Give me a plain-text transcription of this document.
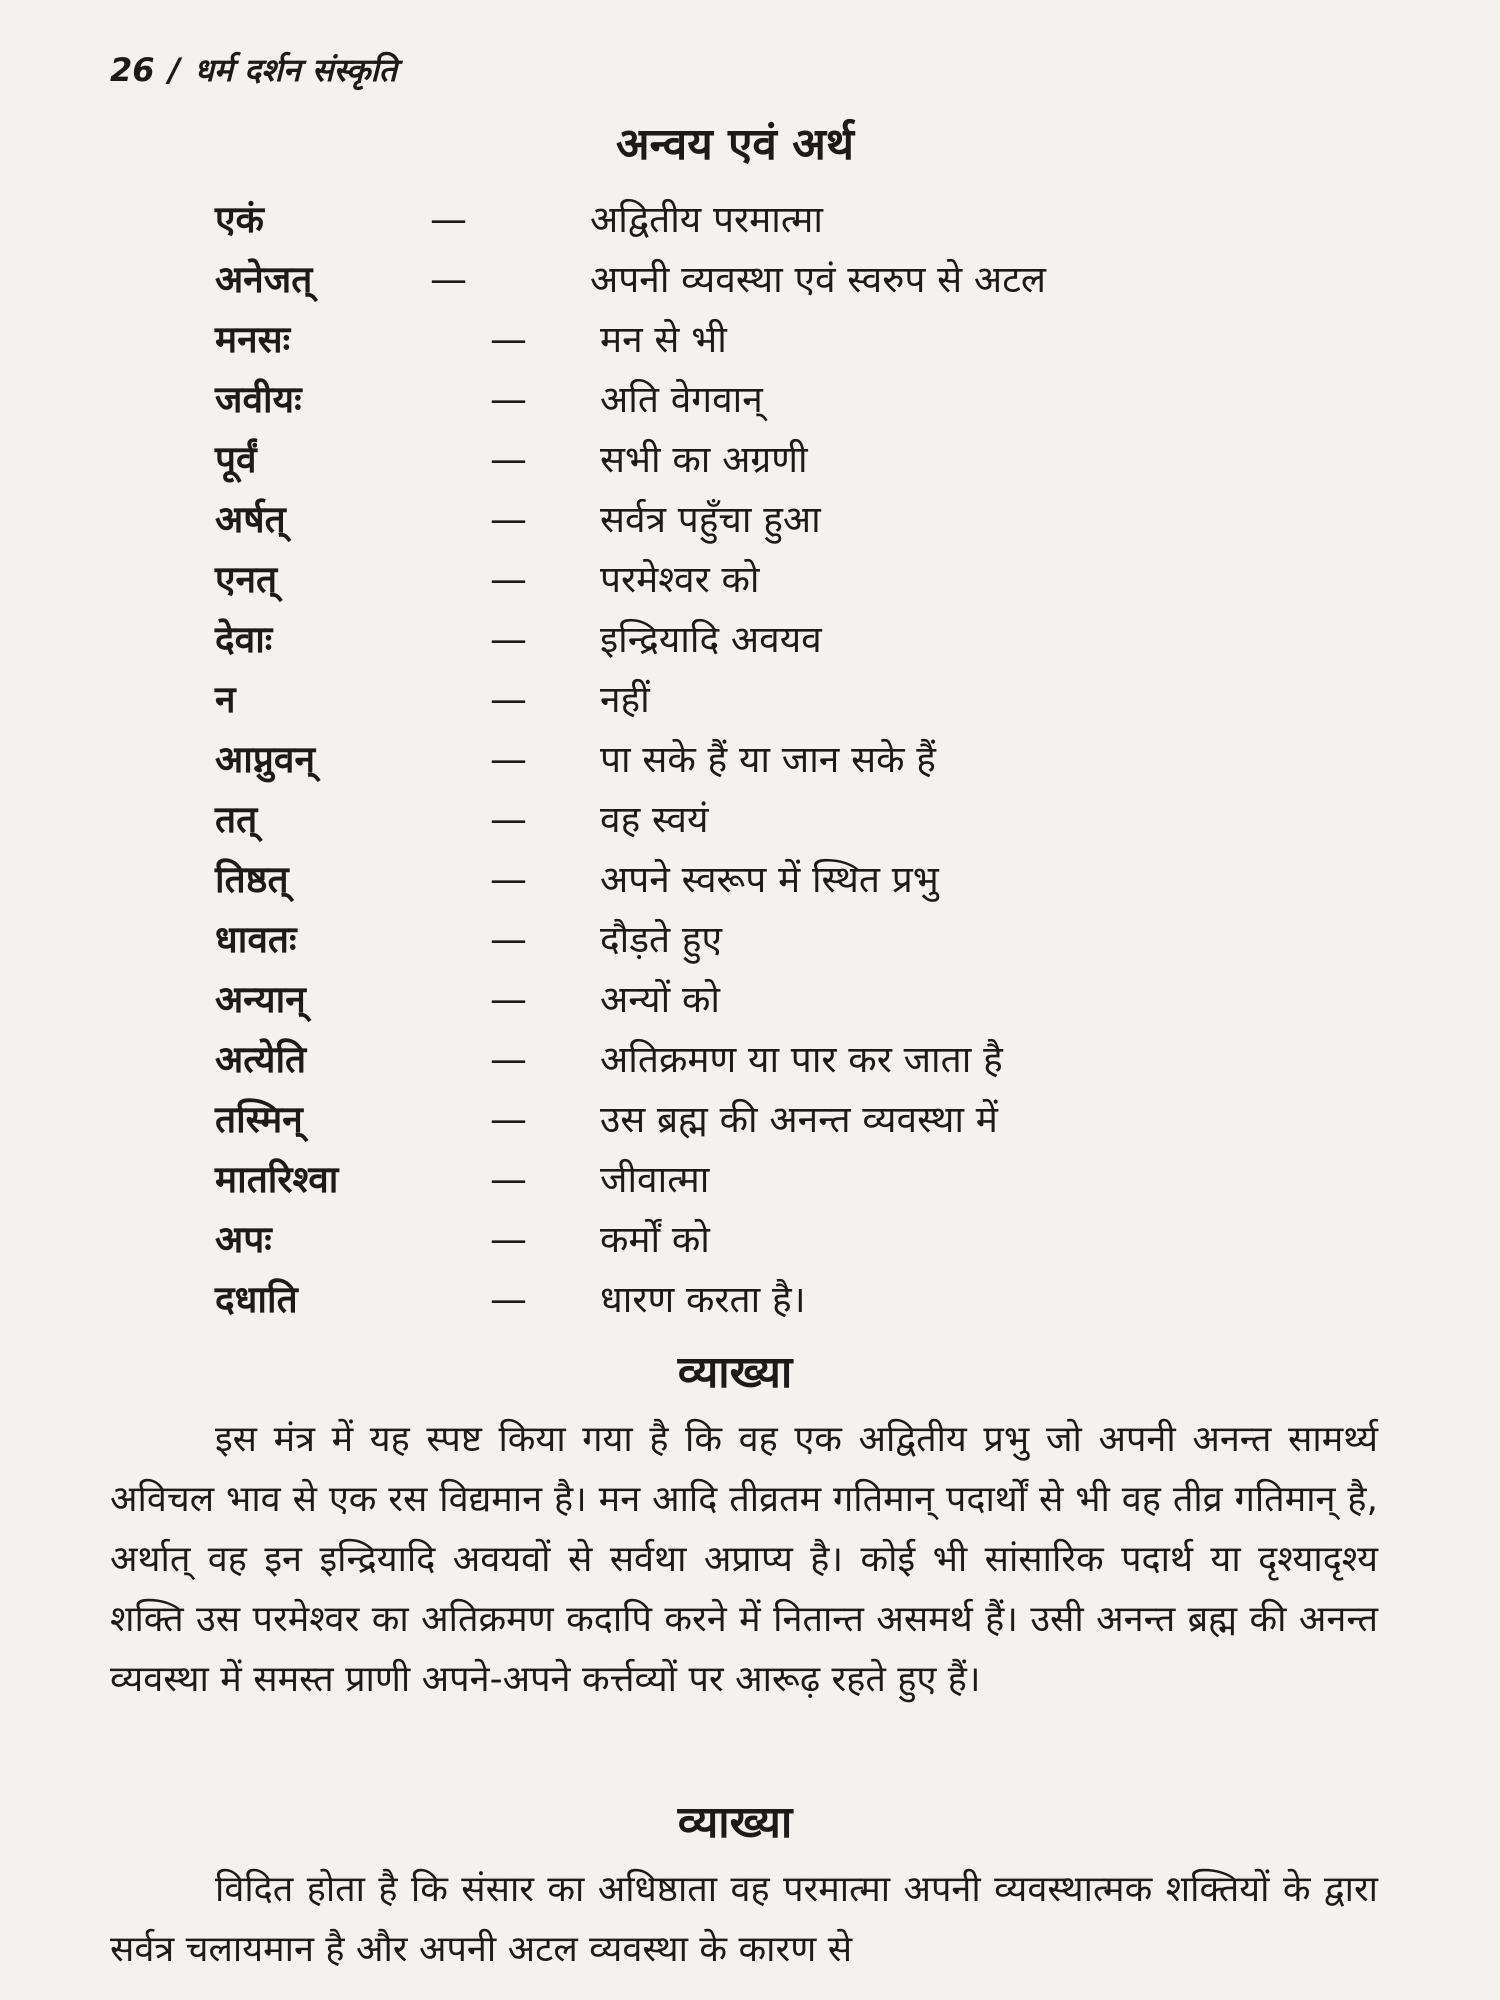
26 / धर्म दर्शन संस्कृति
अन्वय एवं अर्थ
एकं	—	अद्वितीय परमात्मा
अनेजत्	—	अपनी व्यवस्था एवं स्वरुप से अटल
मनसः	— मन से भी
जवीयः	— अति वेगवान्
पूर्वं	— सभी का अग्रणी
अर्षत्	— सर्वत्र पहुँचा हुआ
एनत्	— परमेश्वर को
देवाः	— इन्द्रियादि अवयव
न	— नहीं
आप्नुवन्	— पा सके हैं या जान सके हैं
तत्	— वह स्वयं
तिष्ठत्	— अपने स्वरूप में स्थित प्रभु
धावतः	— दौड़ते हुए
अन्यान्	— अन्यों को
अत्येति	— अतिक्रमण या पार कर जाता है
तस्मिन्	— उस ब्रह्म की अनन्त व्यवस्था में
मातरिश्वा	— जीवात्मा
अपः	— कर्मों को
दधाति	— धारण करता है।
व्याख्या
इस मंत्र में यह स्पष्ट किया गया है कि वह एक अद्वितीय प्रभु जो अपनी अनन्त सामर्थ्य अविचल भाव से एक रस विद्यमान है। मन आदि तीव्रतम गतिमान् पदार्थों से भी वह तीव्र गतिमान् है, अर्थात् वह इन इन्द्रियादि अवयवों से सर्वथा अप्राप्य है। कोई भी सांसारिक पदार्थ या दृश्यादृश्य शक्ति उस परमेश्वर का अतिक्रमण कदापि करने में नितान्त असमर्थ हैं। उसी अनन्त ब्रह्म की अनन्त व्यवस्था में समस्त प्राणी अपने-अपने कर्त्तव्यों पर आरूढ़ रहते हुए हैं।
व्याख्या
विदित होता है कि संसार का अधिष्ठाता वह परमात्मा अपनी व्यवस्थात्मक शक्तियों के द्वारा सर्वत्र चलायमान है और अपनी अटल व्यवस्था के कारण से
